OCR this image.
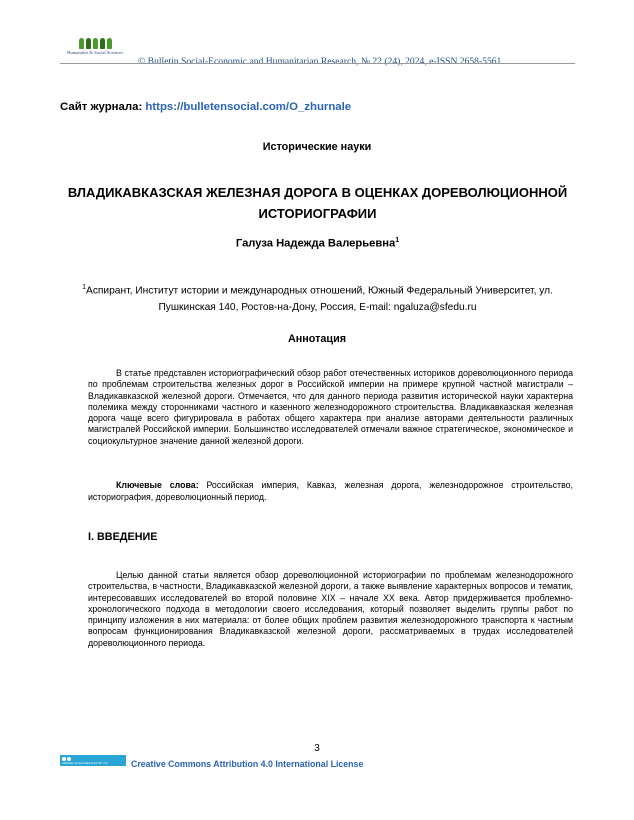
Humanities & Social Sciences
© Bulletin Social-Economic and Humanitarian Research, № 22 (24), 2024, e-ISSN 2658-5561
Сайт журнала: https://bulletensocial.com/O_zhurnale
Исторические науки
ВЛАДИКАВКАЗСКАЯ ЖЕЛЕЗНАЯ ДОРОГА В ОЦЕНКАХ ДОРЕВОЛЮЦИОННОЙ ИСТОРИОГРАФИИ
Галуза Надежда Валерьевна$^1$
$^1$Аспирант, Институт истории и международных отношений, Южный Федеральный Университет, ул. Пушкинская 140, Ростов-на-Дону, Россия, E-mail: ngaluza@sfedu.ru
Аннотация
В статье представлен историографический обзор работ отечественных историков дореволюционного периода по проблемам строительства железных дорог в Российской империи на примере крупной частной магистрали – Владикавказской железной дороги. Отмечается, что для данного периода развития исторической науки характерна полемика между сторонниками частного и казенного железнодорожного строительства. Владикавказская железная дорога чаще всего фигурировала в работах общего характера при анализе авторами деятельности различных магистралей Российской империи. Большинство исследователей отмечали важное стратегическое, экономическое и социокультурное значение данной железной дороги.
Ключевые слова: Российская империя, Кавказ, железная дорога, железнодорожное строительство, историография, дореволюционный период.
I. ВВЕДЕНИЕ
Целью данной статьи является обзор дореволюционной историографии по проблемам железнодорожного строительства, в частности, Владикавказской железной дороги, а также выявление характерных вопросов и тематик, интересовавших исследователей во второй половине XIX – начале XX века. Автор придерживается проблемно-хронологического подхода в методологии своего исследования, который позволяет выделить группы работ по принципу изложения в них материала: от более общих проблем развития железнодорожного транспорта к частным вопросам функционирования Владикавказской железной дороги, рассматриваемых в трудах исследователей дореволюционного периода.
3
Attribution 4.0 International (CC BY 4.0)	Creative Commons Attribution 4.0 International License
